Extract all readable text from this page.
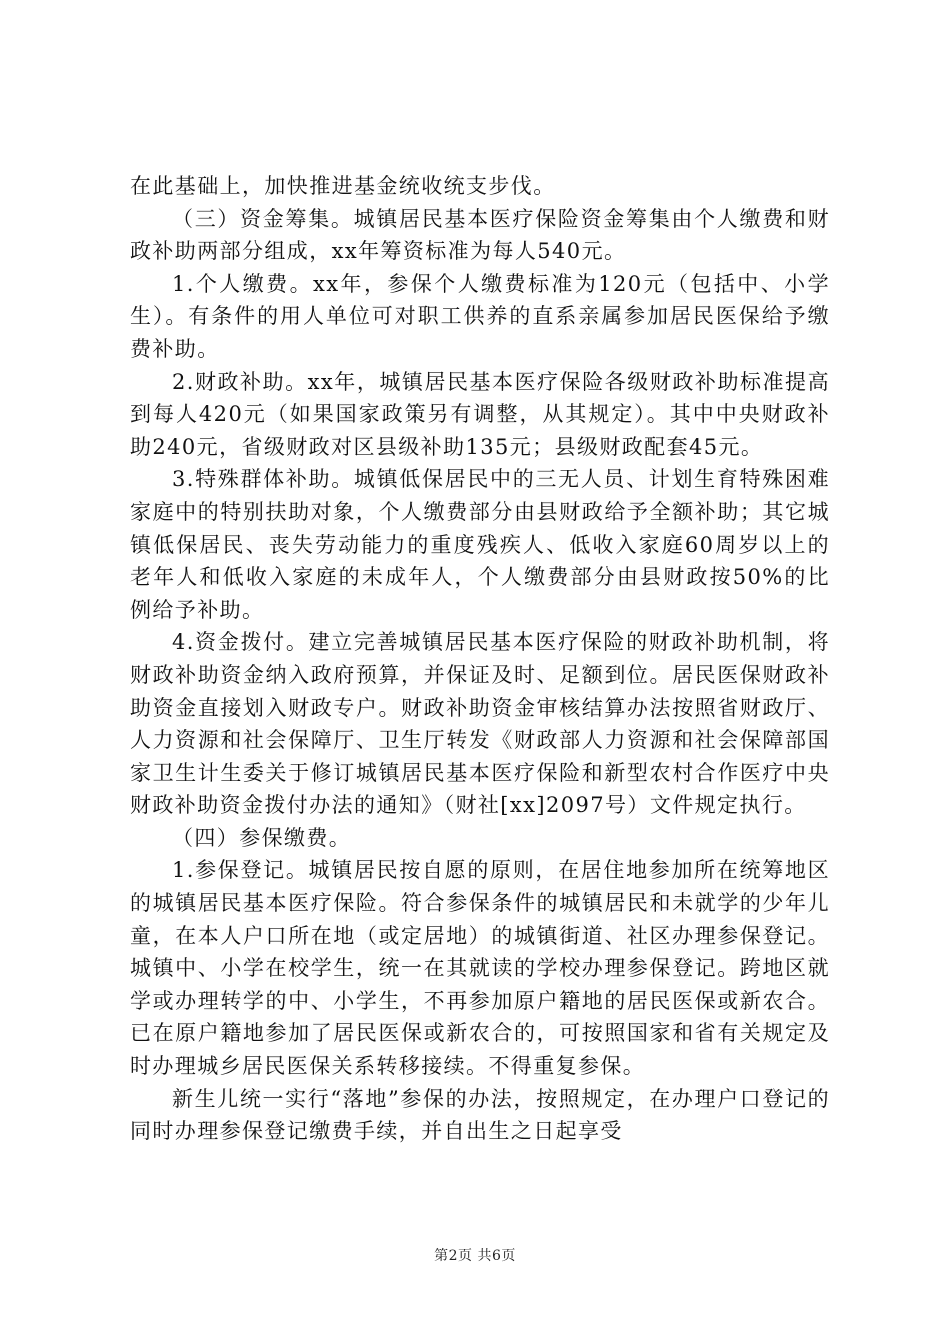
在此基础上，加快推进基金统收统支步伐。

（三）资金筹集。城镇居民基本医疗保险资金筹集由个人缴费和财政补助两部分组成，xx年筹资标准为每人540元。

1.个人缴费。xx年，参保个人缴费标准为120元（包括中、小学生）。有条件的用人单位可对职工供养的直系亲属参加居民医保给予缴费补助。

2.财政补助。xx年，城镇居民基本医疗保险各级财政补助标准提高到每人420元（如果国家政策另有调整，从其规定）。其中中央财政补助240元，省级财政对区县级补助135元；县级财政配套45元。

3.特殊群体补助。城镇低保居民中的三无人员、计划生育特殊困难家庭中的特别扶助对象，个人缴费部分由县财政给予全额补助；其它城镇低保居民、丧失劳动能力的重度残疾人、低收入家庭60周岁以上的老年人和低收入家庭的未成年人，个人缴费部分由县财政按50%的比例给予补助。

4.资金拨付。建立完善城镇居民基本医疗保险的财政补助机制，将财政补助资金纳入政府预算，并保证及时、足额到位。居民医保财政补助资金直接划入财政专户。财政补助资金审核结算办法按照省财政厅、人力资源和社会保障厅、卫生厅转发《财政部人力资源和社会保障部国家卫生计生委关于修订城镇居民基本医疗保险和新型农村合作医疗中央财政补助资金拨付办法的通知》（财社[xx]2097号）文件规定执行。

（四）参保缴费。

1.参保登记。城镇居民按自愿的原则，在居住地参加所在统筹地区的城镇居民基本医疗保险。符合参保条件的城镇居民和未就学的少年儿童，在本人户口所在地（或定居地）的城镇街道、社区办理参保登记。城镇中、小学在校学生，统一在其就读的学校办理参保登记。跨地区就学或办理转学的中、小学生，不再参加原户籍地的居民医保或新农合。已在原户籍地参加了居民医保或新农合的，可按照国家和省有关规定及时办理城乡居民医保关系转移接续。不得重复参保。

新生儿统一实行“落地”参保的办法，按照规定，在办理户口登记的同时办理参保登记缴费手续，并自出生之日起享受

第2页 共6页
